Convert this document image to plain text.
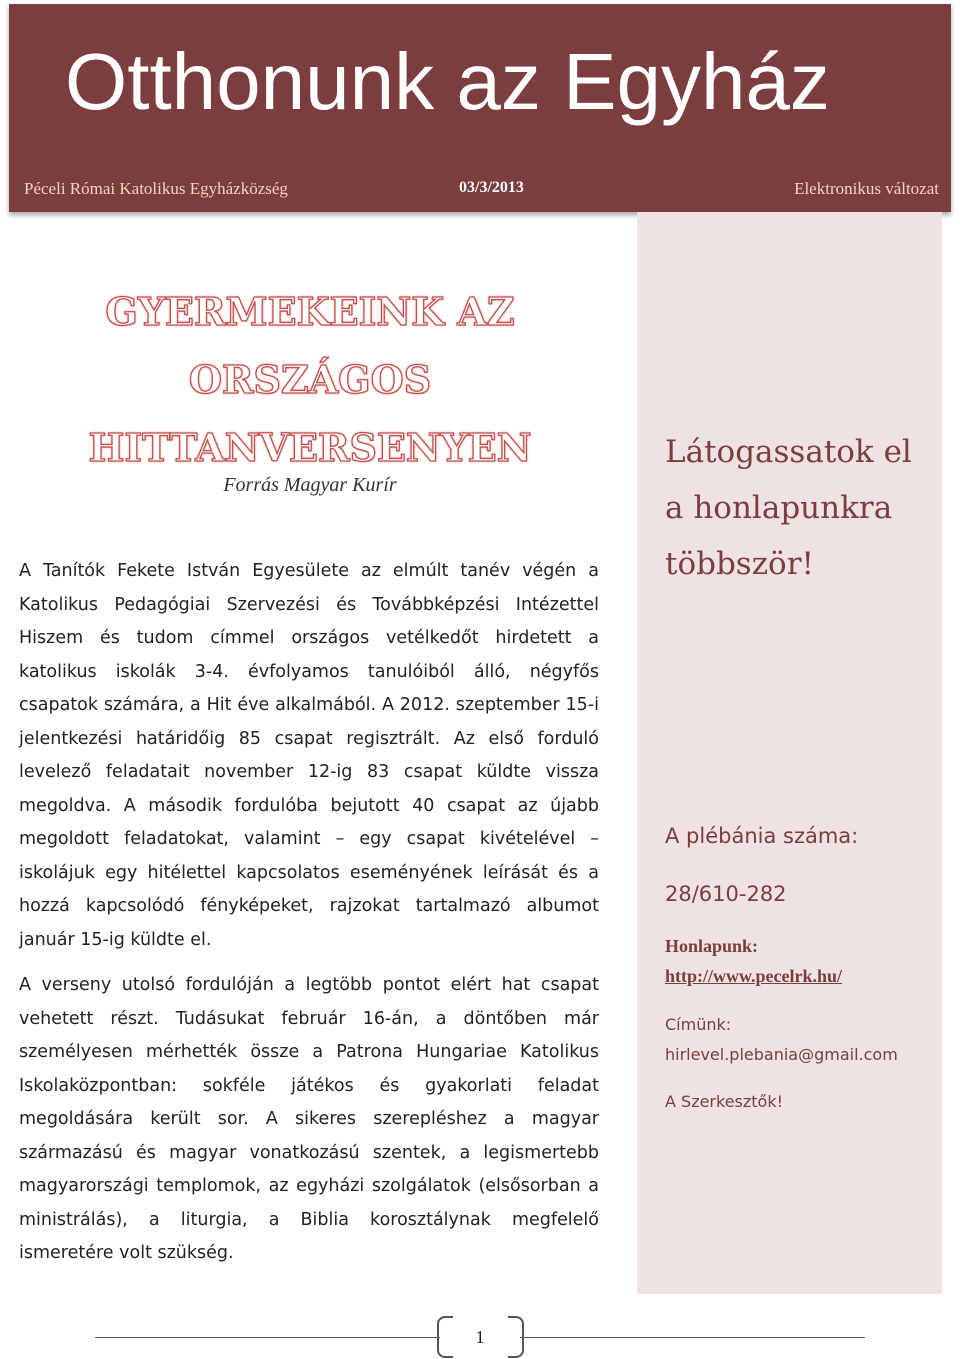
Otthonunk az Egyház
Péceli Római Katolikus Egyházközség	03/3/2013	Elektronikus változat
Látogassatok el a honlapunkra többször!
A plébánia száma:
28/610-282
Honlapunk:
http://www.pecelrk.hu/
Címünk:
hirlevel.plebania@gmail.com
A Szerkesztők!
GYERMEKEINK AZ ORSZÁGOS HITTANVERSENYEN
Forrás Magyar Kurír
A Tanítók Fekete István Egyesülete az elmúlt tanév végén a Katolikus Pedagógiai Szervezési és Továbbképzési Intézettel Hiszem és tudom címmel országos vetélkedőt hirdetett a katolikus iskolák 3-4. évfolyamos tanulóiból álló, négyfős csapatok számára, a Hit éve alkalmából. A 2012. szeptember 15-i jelentkezési határidőig 85 csapat regisztrált. Az első forduló levelező feladatait november 12-ig 83 csapat küldte vissza megoldva. A második fordulóba bejutott 40 csapat az újabb megoldott feladatokat, valamint – egy csapat kivételével – iskolájuk egy hitélettel kapcsolatos eseményének leírását és a hozzá kapcsolódó fényképeket, rajzokat tartalmazó albumot január 15-ig küldte el.
A verseny utolsó fordulóján a legtöbb pontot elért hat csapat vehetett részt. Tudásukat február 16-án, a döntőben már személyesen mérhették össze a Patrona Hungariae Katolikus Iskolaközpontban: sokféle játékos és gyakorlati feladat megoldására került sor. A sikeres szerepléshez a magyar származású és magyar vonatkozású szentek, a legismertebb magyarországi templomok, az egyházi szolgálatok (elsősorban a ministrálás), a liturgia, a Biblia korosztálynak megfelelő ismeretére volt szükség.
1
